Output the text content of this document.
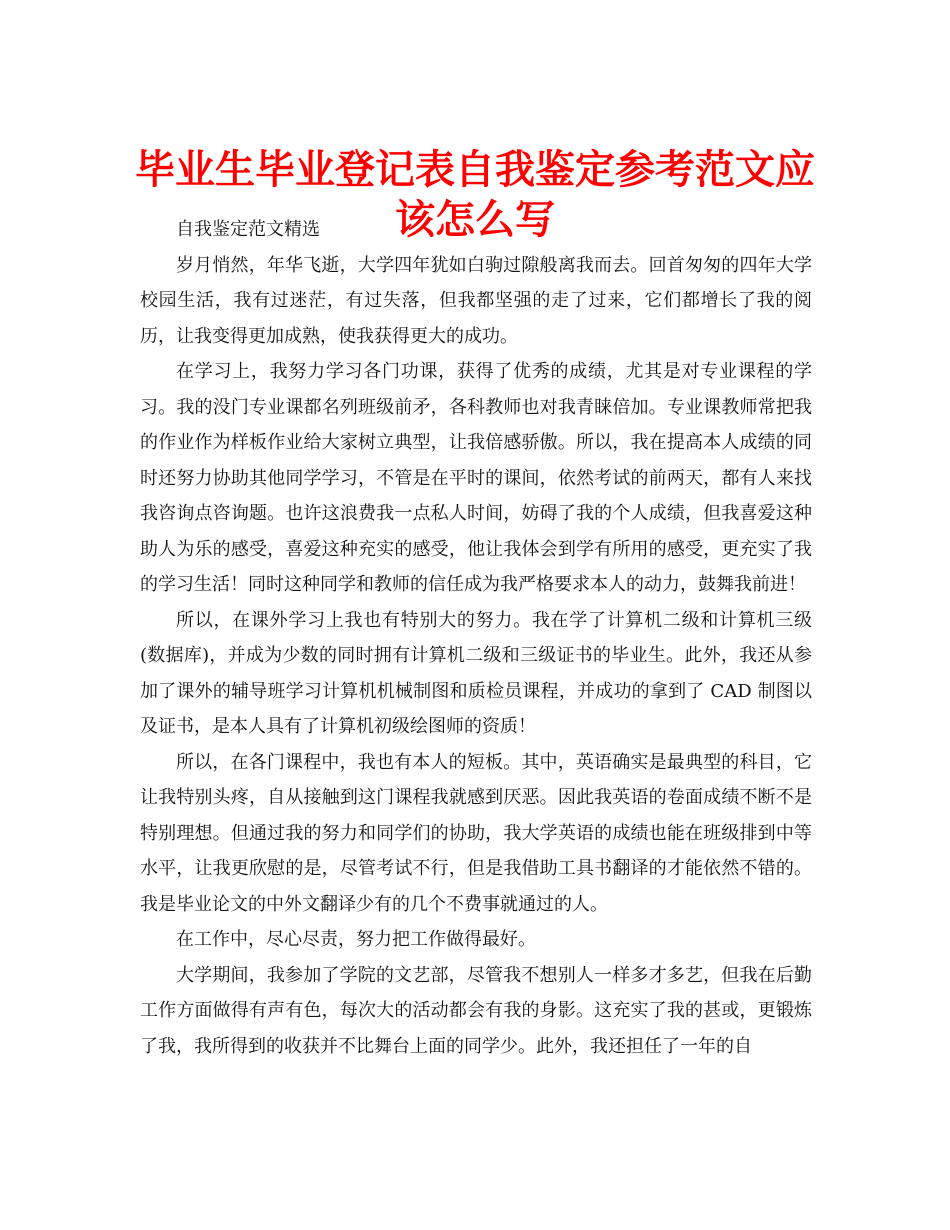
毕业生毕业登记表自我鉴定参考范文应该怎么写

自我鉴定范文精选

岁月悄然，年华飞逝，大学四年犹如白驹过隙般离我而去。回首匆匆的四年大学校园生活，我有过迷茫，有过失落，但我都坚强的走了过来，它们都增长了我的阅历，让我变得更加成熟，使我获得更大的成功。

在学习上，我努力学习各门功课，获得了优秀的成绩，尤其是对专业课程的学习。我的没门专业课都名列班级前矛，各科教师也对我青睐倍加。专业课教师常把我的作业作为样板作业给大家树立典型，让我倍感骄傲。所以，我在提高本人成绩的同时还努力协助其他同学学习，不管是在平时的课间，依然考试的前两天，都有人来找我咨询点咨询题。也许这浪费我一点私人时间，妨碍了我的个人成绩，但我喜爱这种助人为乐的感受，喜爱这种充实的感受，他让我体会到学有所用的感受，更充实了我的学习生活！同时这种同学和教师的信任成为我严格要求本人的动力，鼓舞我前进！

所以，在课外学习上我也有特别大的努力。我在学了计算机二级和计算机三级(数据库)，并成为少数的同时拥有计算机二级和三级证书的毕业生。此外，我还从参加了课外的辅导班学习计算机机械制图和质检员课程，并成功的拿到了 CAD 制图以及证书，是本人具有了计算机初级绘图师的资质！

所以，在各门课程中，我也有本人的短板。其中，英语确实是最典型的科目，它让我特别头疼，自从接触到这门课程我就感到厌恶。因此我英语的卷面成绩不断不是特别理想。但通过我的努力和同学们的协助，我大学英语的成绩也能在班级排到中等水平，让我更欣慰的是，尽管考试不行，但是我借助工具书翻译的才能依然不错的。我是毕业论文的中外文翻译少有的几个不费事就通过的人。

在工作中，尽心尽责，努力把工作做得最好。

大学期间，我参加了学院的文艺部，尽管我不想别人一样多才多艺，但我在后勤工作方面做得有声有色，每次大的活动都会有我的身影。这充实了我的甚或，更锻炼了我，我所得到的收获并不比舞台上面的同学少。此外，我还担任了一年的自
